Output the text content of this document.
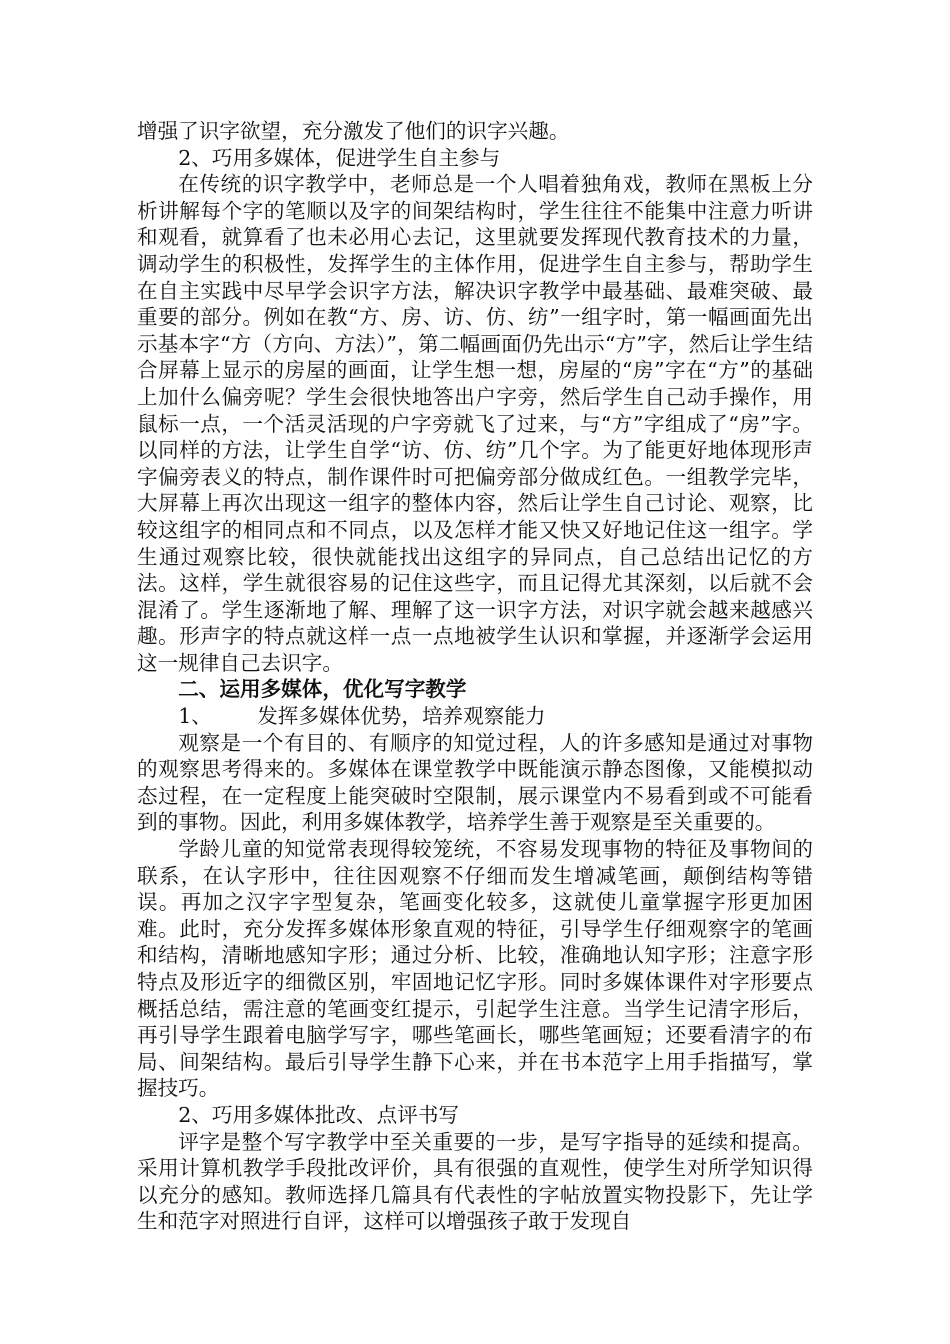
增强了识字欲望，充分激发了他们的识字兴趣。

2、巧用多媒体，促进学生自主参与

在传统的识字教学中，老师总是一个人唱着独角戏，教师在黑板上分析讲解每个字的笔顺以及字的间架结构时，学生往往不能集中注意力听讲和观看，就算看了也未必用心去记，这里就要发挥现代教育技术的力量，调动学生的积极性，发挥学生的主体作用，促进学生自主参与，帮助学生在自主实践中尽早学会识字方法，解决识字教学中最基础、最难突破、最重要的部分。例如在教“方、房、访、仿、纺”一组字时，第一幅画面先出示基本字“方（方向、方法）”，第二幅画面仍先出示“方”字，然后让学生结合屏幕上显示的房屋的画面，让学生想一想，房屋的“房”字在“方”的基础上加什么偏旁呢？学生会很快地答出户字旁，然后学生自己动手操作，用鼠标一点，一个活灵活现的户字旁就飞了过来，与“方”字组成了“房”字。以同样的方法，让学生自学“访、仿、纺”几个字。为了能更好地体现形声字偏旁表义的特点，制作课件时可把偏旁部分做成红色。一组教学完毕，大屏幕上再次出现这一组字的整体内容，然后让学生自己讨论、观察，比较这组字的相同点和不同点，以及怎样才能又快又好地记住这一组字。学生通过观察比较，很快就能找出这组字的异同点，自己总结出记忆的方法。这样，学生就很容易的记住这些字，而且记得尤其深刻，以后就不会混淆了。学生逐渐地了解、理解了这一识字方法，对识字就会越来越感兴趣。形声字的特点就这样一点一点地被学生认识和掌握，并逐渐学会运用这一规律自己去识字。

二、运用多媒体，优化写字教学

1、 发挥多媒体优势，培养观察能力

观察是一个有目的、有顺序的知觉过程，人的许多感知是通过对事物的观察思考得来的。多媒体在课堂教学中既能演示静态图像，又能模拟动态过程，在一定程度上能突破时空限制，展示课堂内不易看到或不可能看到的事物。因此，利用多媒体教学，培养学生善于观察是至关重要的。

学龄儿童的知觉常表现得较笼统，不容易发现事物的特征及事物间的联系，在认字形中，往往因观察不仔细而发生增减笔画，颠倒结构等错误。再加之汉字字型复杂，笔画变化较多，这就使儿童掌握字形更加困难。此时，充分发挥多媒体形象直观的特征，引导学生仔细观察字的笔画和结构，清晰地感知字形；通过分析、比较，准确地认知字形；注意字形特点及形近字的细微区别，牢固地记忆字形。同时多媒体课件对字形要点概括总结，需注意的笔画变红提示，引起学生注意。当学生记清字形后，再引导学生跟着电脑学写字，哪些笔画长，哪些笔画短；还要看清字的布局、间架结构。最后引导学生静下心来，并在书本范字上用手指描写，掌握技巧。

2、巧用多媒体批改、点评书写

评字是整个写字教学中至关重要的一步，是写字指导的延续和提高。采用计算机教学手段批改评价，具有很强的直观性，使学生对所学知识得以充分的感知。教师选择几篇具有代表性的字帖放置实物投影下，先让学生和范字对照进行自评，这样可以增强孩子敢于发现自
